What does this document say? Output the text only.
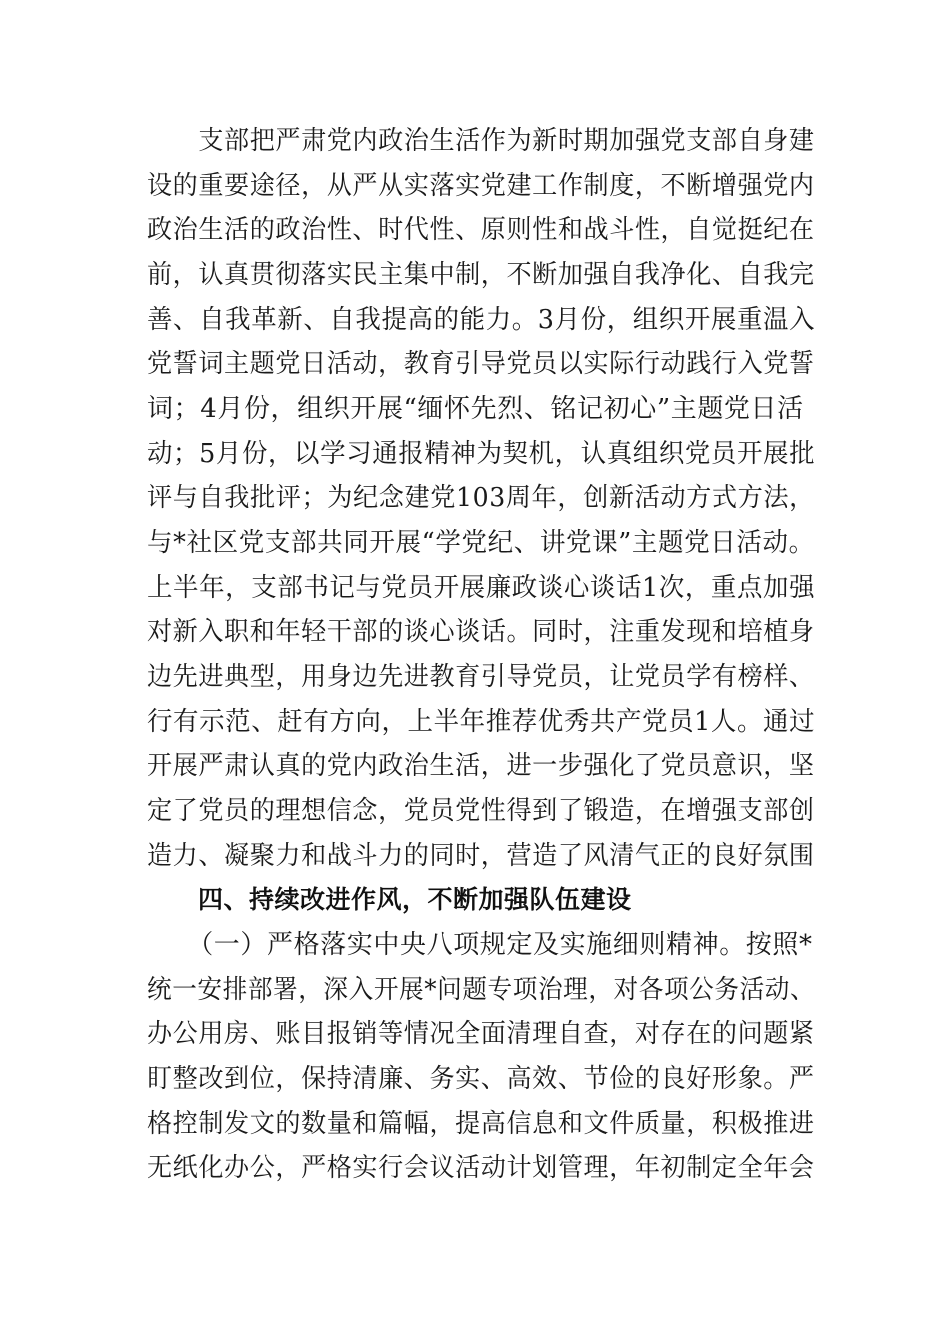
　　支部把严肃党内政治生活作为新时期加强党支部自身建
设的重要途径，从严从实落实党建工作制度，不断增强党内
政治生活的政治性、时代性、原则性和战斗性，自觉挺纪在
前，认真贯彻落实民主集中制，不断加强自我净化、自我完
善、自我革新、自我提高的能力。3月份，组织开展重温入
党誓词主题党日活动，教育引导党员以实际行动践行入党誓
词；4月份，组织开展“缅怀先烈、铭记初心”主题党日活
动；5月份，以学习通报精神为契机，认真组织党员开展批
评与自我批评；为纪念建党103周年，创新活动方式方法，
与*社区党支部共同开展“学党纪、讲党课”主题党日活动。
上半年，支部书记与党员开展廉政谈心谈话1次，重点加强
对新入职和年轻干部的谈心谈话。同时，注重发现和培植身
边先进典型，用身边先进教育引导党员，让党员学有榜样、
行有示范、赶有方向，上半年推荐优秀共产党员1人。通过
开展严肃认真的党内政治生活，进一步强化了党员意识，坚
定了党员的理想信念，党员党性得到了锻造，在增强支部创
造力、凝聚力和战斗力的同时，营造了风清气正的良好氛围
　　四、持续改进作风，不断加强队伍建设
　　（一）严格落实中央八项规定及实施细则精神。按照*
统一安排部署，深入开展*问题专项治理，对各项公务活动、
办公用房、账目报销等情况全面清理自查，对存在的问题紧
盯整改到位，保持清廉、务实、高效、节俭的良好形象。严
格控制发文的数量和篇幅，提高信息和文件质量，积极推进
无纸化办公，严格实行会议活动计划管理，年初制定全年会
